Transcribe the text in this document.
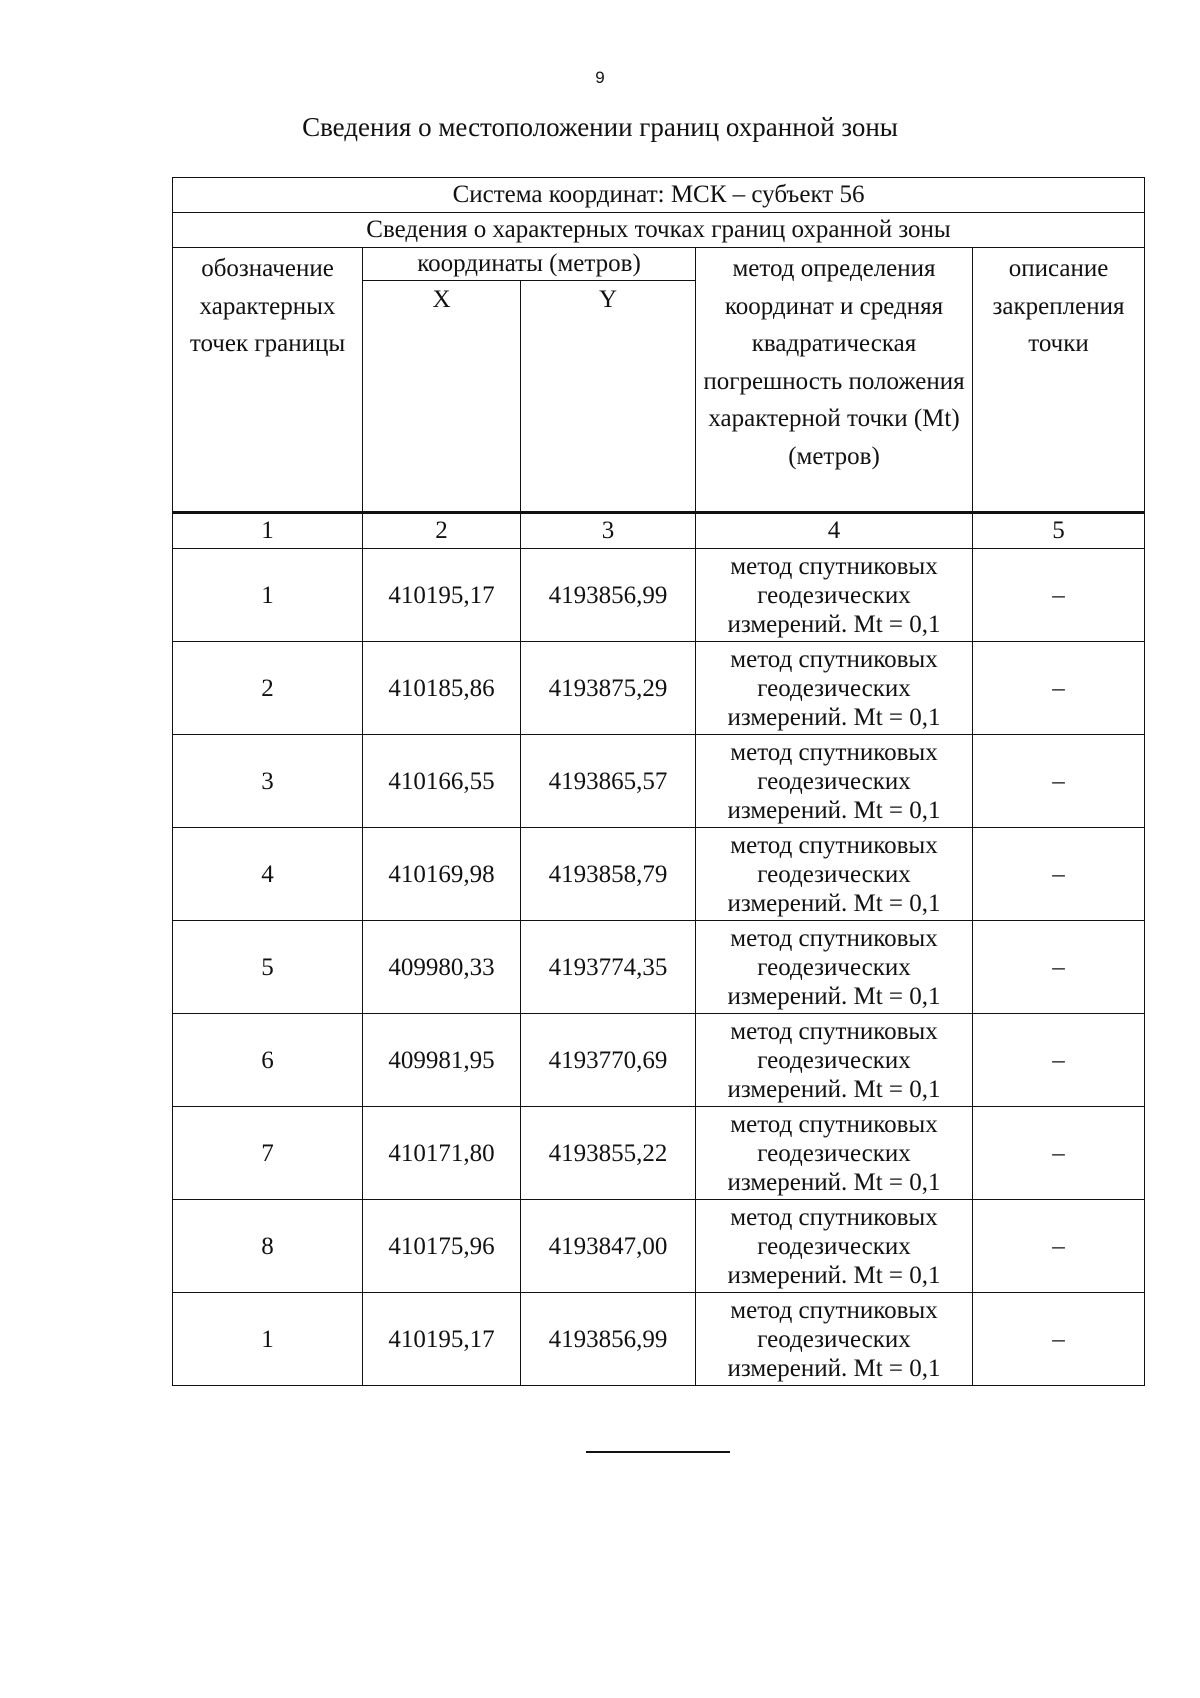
9
Сведения о местоположении границ охранной зоны
Система координат: МСК – субъект 56				
Сведения о характерных точках границ охранной зоны				
обозначение характерных точек границы	координаты (метров)		метод определения координат и средняя квадратическая погрешность положения характерной точки (Mt) (метров)	описание закрепления точки
	X	Y		
1	2	3	4	5
1	410195,17	4193856,99	метод спутниковых геодезических измерений. Mt = 0,1	–
2	410185,86	4193875,29	метод спутниковых геодезических измерений. Mt = 0,1	–
3	410166,55	4193865,57	метод спутниковых геодезических измерений. Mt = 0,1	–
4	410169,98	4193858,79	метод спутниковых геодезических измерений. Mt = 0,1	–
5	409980,33	4193774,35	метод спутниковых геодезических измерений. Mt = 0,1	–
6	409981,95	4193770,69	метод спутниковых геодезических измерений. Mt = 0,1	–
7	410171,80	4193855,22	метод спутниковых геодезических измерений. Mt = 0,1	–
8	410175,96	4193847,00	метод спутниковых геодезических измерений. Mt = 0,1	–
1	410195,17	4193856,99	метод спутниковых геодезических измерений. Mt = 0,1	–
